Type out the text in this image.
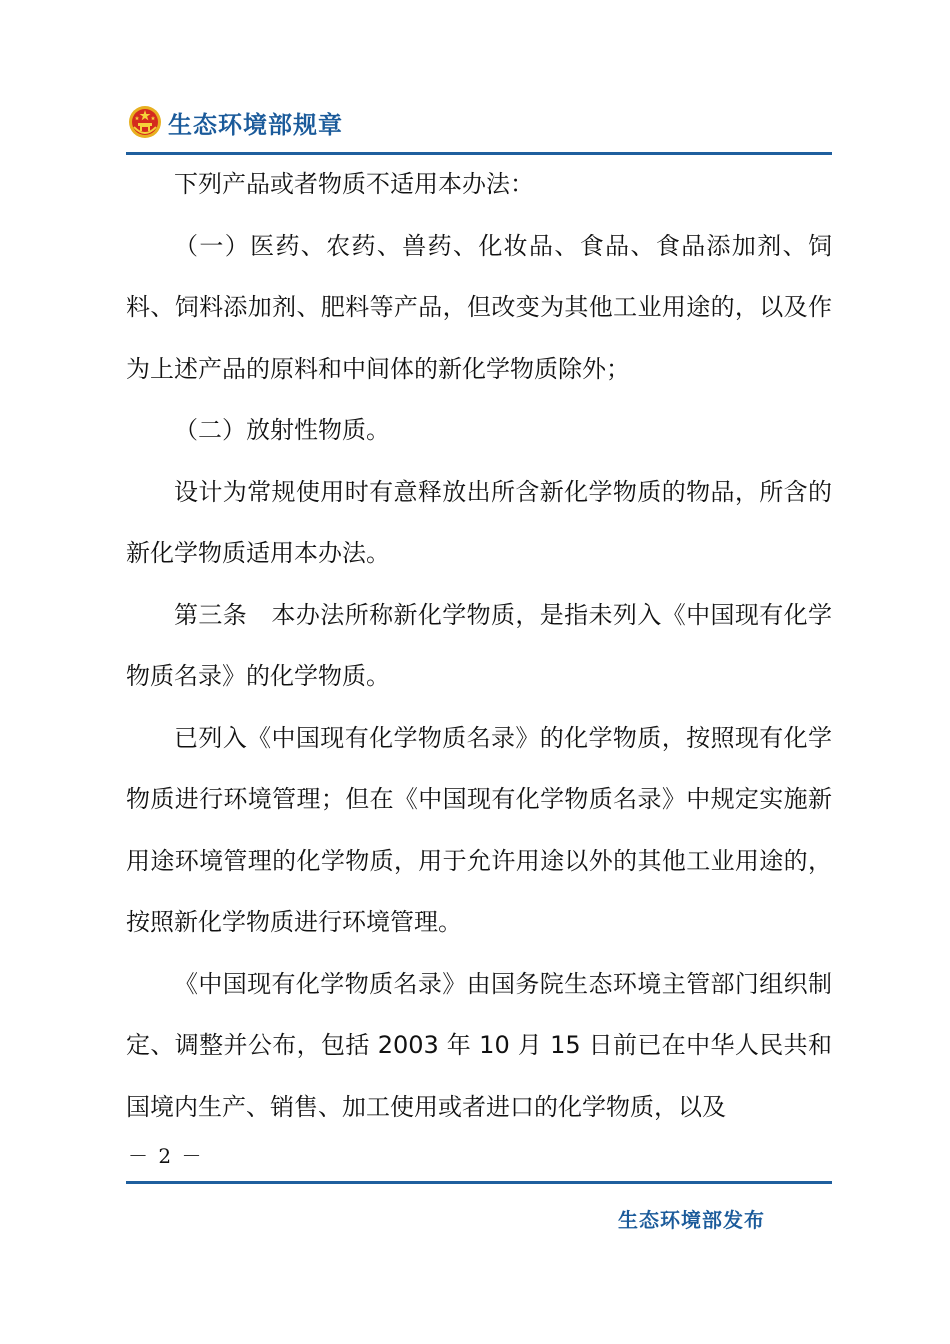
生态环境部规章

下列产品或者物质不适用本办法：

（一）医药、农药、兽药、化妆品、食品、食品添加剂、饲料、饲料添加剂、肥料等产品，但改变为其他工业用途的，以及作为上述产品的原料和中间体的新化学物质除外；

（二）放射性物质。

设计为常规使用时有意释放出所含新化学物质的物品，所含的新化学物质适用本办法。

第三条　本办法所称新化学物质，是指未列入《中国现有化学物质名录》的化学物质。

已列入《中国现有化学物质名录》的化学物质，按照现有化学物质进行环境管理；但在《中国现有化学物质名录》中规定实施新用途环境管理的化学物质，用于允许用途以外的其他工业用途的，按照新化学物质进行环境管理。

《中国现有化学物质名录》由国务院生态环境主管部门组织制定、调整并公布，包括 2003 年 10 月 15 日前已在中华人民共和国境内生产、销售、加工使用或者进口的化学物质，以及

－ 2 －
生态环境部发布
